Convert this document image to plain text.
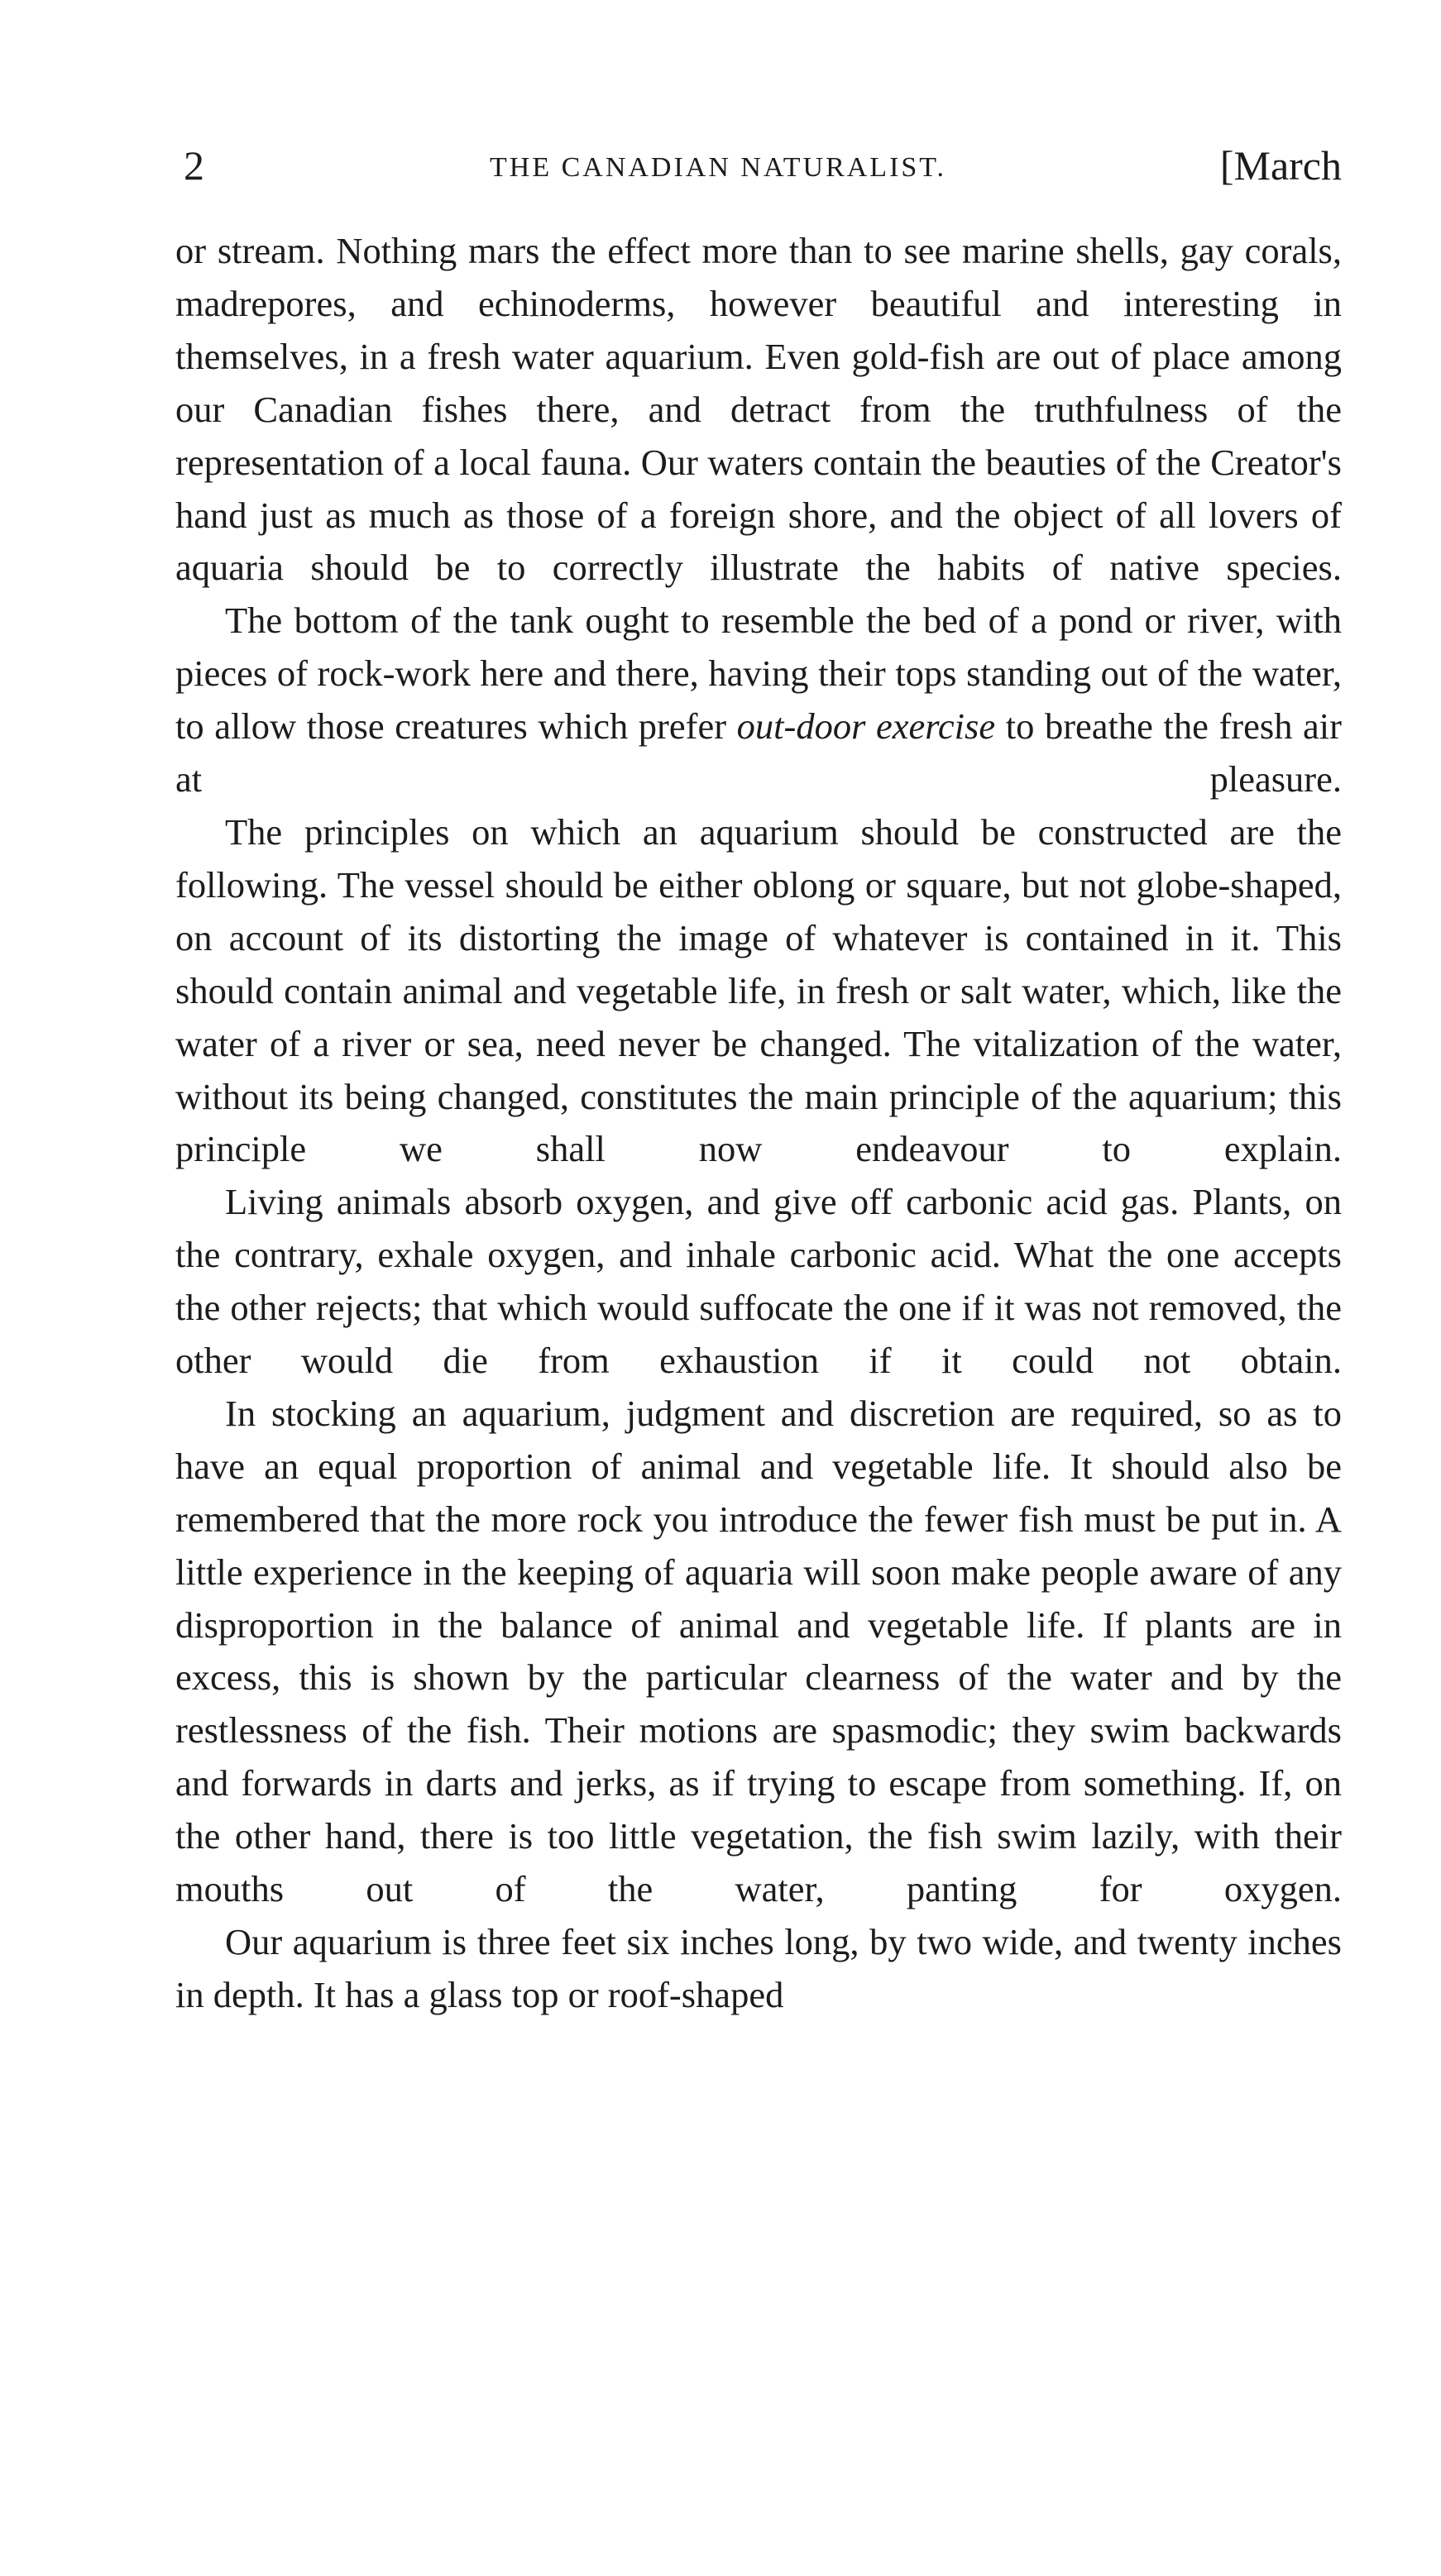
2	THE CANADIAN NATURALIST.	[March

or stream. Nothing mars the effect more than to see marine shells, gay corals, madrepores, and echinoderms, however beautiful and interesting in themselves, in a fresh water aquarium. Even gold-fish are out of place among our Canadian fishes there, and detract from the truthfulness of the representation of a local fauna. Our waters contain the beauties of the Creator's hand just as much as those of a foreign shore, and the object of all lovers of aquaria should be to correctly illustrate the habits of native species.

The bottom of the tank ought to resemble the bed of a pond or river, with pieces of rock-work here and there, having their tops standing out of the water, to allow those creatures which prefer out-door exercise to breathe the fresh air at pleasure.

The principles on which an aquarium should be constructed are the following. The vessel should be either oblong or square, but not globe-shaped, on account of its distorting the image of whatever is contained in it. This should contain animal and vegetable life, in fresh or salt water, which, like the water of a river or sea, need never be changed. The vitalization of the water, without its being changed, constitutes the main principle of the aquarium; this principle we shall now endeavour to explain.

Living animals absorb oxygen, and give off carbonic acid gas. Plants, on the contrary, exhale oxygen, and inhale carbonic acid. What the one accepts the other rejects; that which would suffocate the one if it was not removed, the other would die from exhaustion if it could not obtain.

In stocking an aquarium, judgment and discretion are required, so as to have an equal proportion of animal and vegetable life. It should also be remembered that the more rock you introduce the fewer fish must be put in. A little experience in the keeping of aquaria will soon make people aware of any disproportion in the balance of animal and vegetable life. If plants are in excess, this is shown by the particular clearness of the water and by the restlessness of the fish. Their motions are spasmodic; they swim backwards and forwards in darts and jerks, as if trying to escape from something. If, on the other hand, there is too little vegetation, the fish swim lazily, with their mouths out of the water, panting for oxygen.

Our aquarium is three feet six inches long, by two wide, and twenty inches in depth. It has a glass top or roof-shaped
